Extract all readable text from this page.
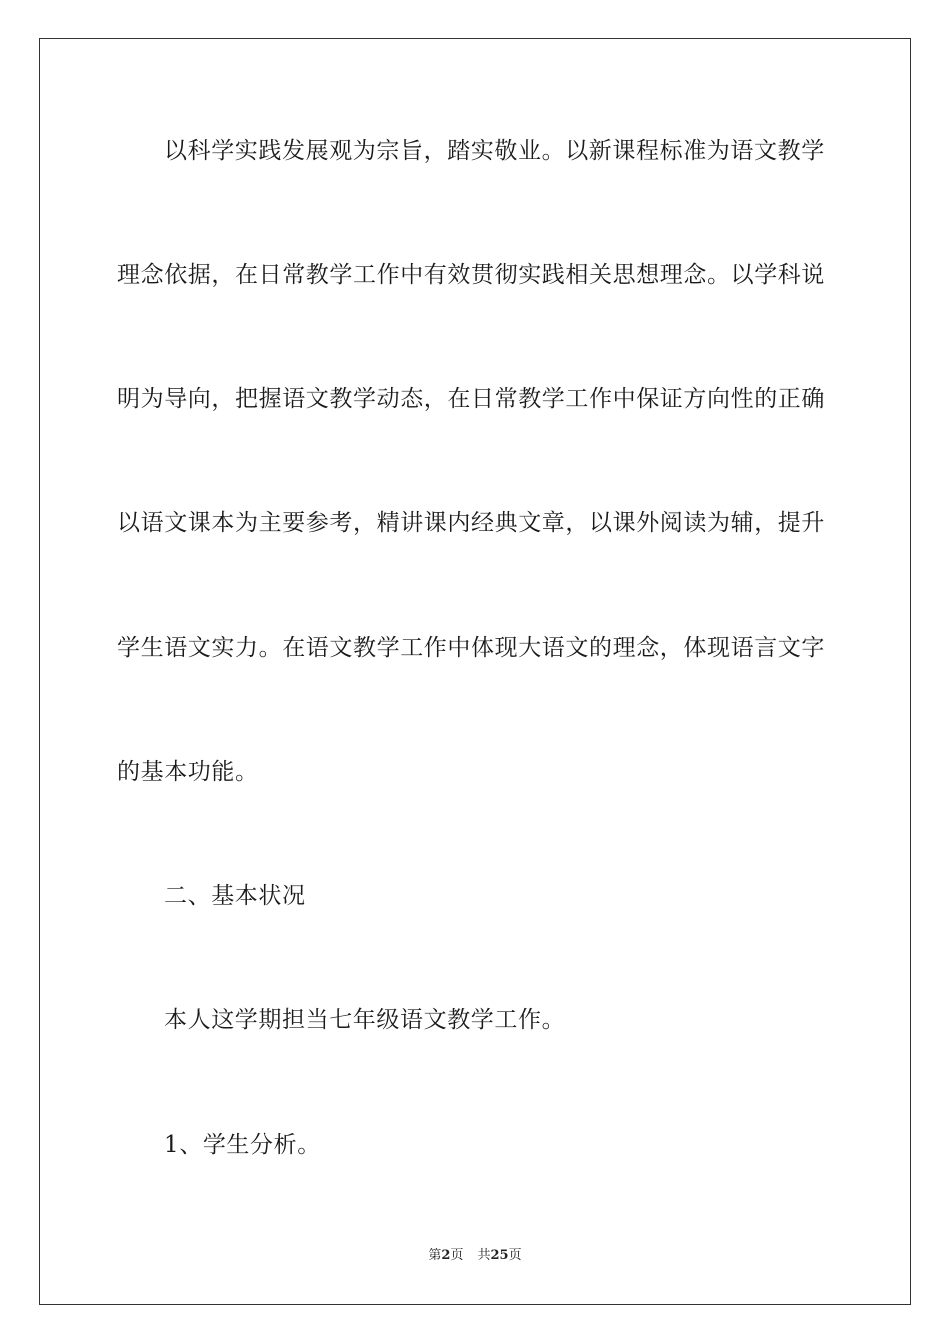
以科学实践发展观为宗旨，踏实敬业。以新课程标准为语文教学
理念依据，在日常教学工作中有效贯彻实践相关思想理念。以学科说
明为导向，把握语文教学动态，在日常教学工作中保证方向性的正确
以语文课本为主要参考，精讲课内经典文章，以课外阅读为辅，提升
学生语文实力。在语文教学工作中体现大语文的理念，体现语言文字
的基本功能。
二、基本状况
本人这学期担当七年级语文教学工作。
1、学生分析。
第2页 共25页
